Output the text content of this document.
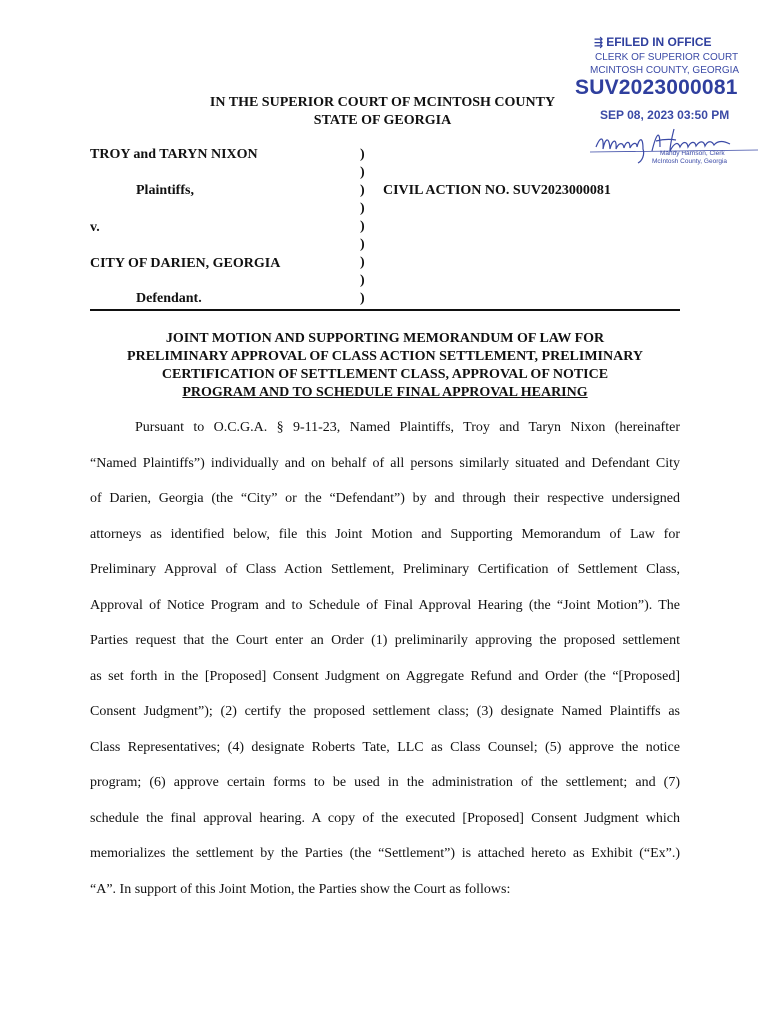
⇶ EFILED IN OFFICE
CLERK OF SUPERIOR COURT
MCINTOSH COUNTY, GEORGIA
SUV2023000081
SEP 08, 2023 03:50 PM
Mandy Harrison, Clerk
McIntosh County, Georgia
IN THE SUPERIOR COURT OF MCINTOSH COUNTY
STATE OF GEORGIA
TROY and TARYN NIXON
Plaintiffs,
v.
CITY OF DARIEN, GEORGIA
Defendant.
)
)
)
)
)
)
)
)
)
CIVIL ACTION NO. SUV2023000081
JOINT MOTION AND SUPPORTING MEMORANDUM OF LAW FOR
PRELIMINARY APPROVAL OF CLASS ACTION SETTLEMENT, PRELIMINARY
CERTIFICATION OF SETTLEMENT CLASS, APPROVAL OF NOTICE
PROGRAM AND TO SCHEDULE FINAL APPROVAL HEARING
Pursuant to O.C.G.A. § 9-11-23, Named Plaintiffs, Troy and Taryn Nixon (hereinafter
“Named Plaintiffs”) individually and on behalf of all persons similarly situated and Defendant City
of Darien, Georgia (the “City” or the “Defendant”) by and through their respective undersigned
attorneys as identified below, file this Joint Motion and Supporting Memorandum of Law for
Preliminary Approval of Class Action Settlement, Preliminary Certification of Settlement Class,
Approval of Notice Program and to Schedule of Final Approval Hearing (the “Joint Motion”). The
Parties request that the Court enter an Order (1) preliminarily approving the proposed settlement
as set forth in the [Proposed] Consent Judgment on Aggregate Refund and Order (the “[Proposed]
Consent Judgment”); (2) certify the proposed settlement class; (3) designate Named Plaintiffs as
Class Representatives; (4) designate Roberts Tate, LLC as Class Counsel; (5) approve the notice
program; (6) approve certain forms to be used in the administration of the settlement; and (7)
schedule the final approval hearing. A copy of the executed [Proposed] Consent Judgment which
memorializes the settlement by the Parties (the “Settlement”) is attached hereto as Exhibit (“Ex”.)
“A”. In support of this Joint Motion, the Parties show the Court as follows:
